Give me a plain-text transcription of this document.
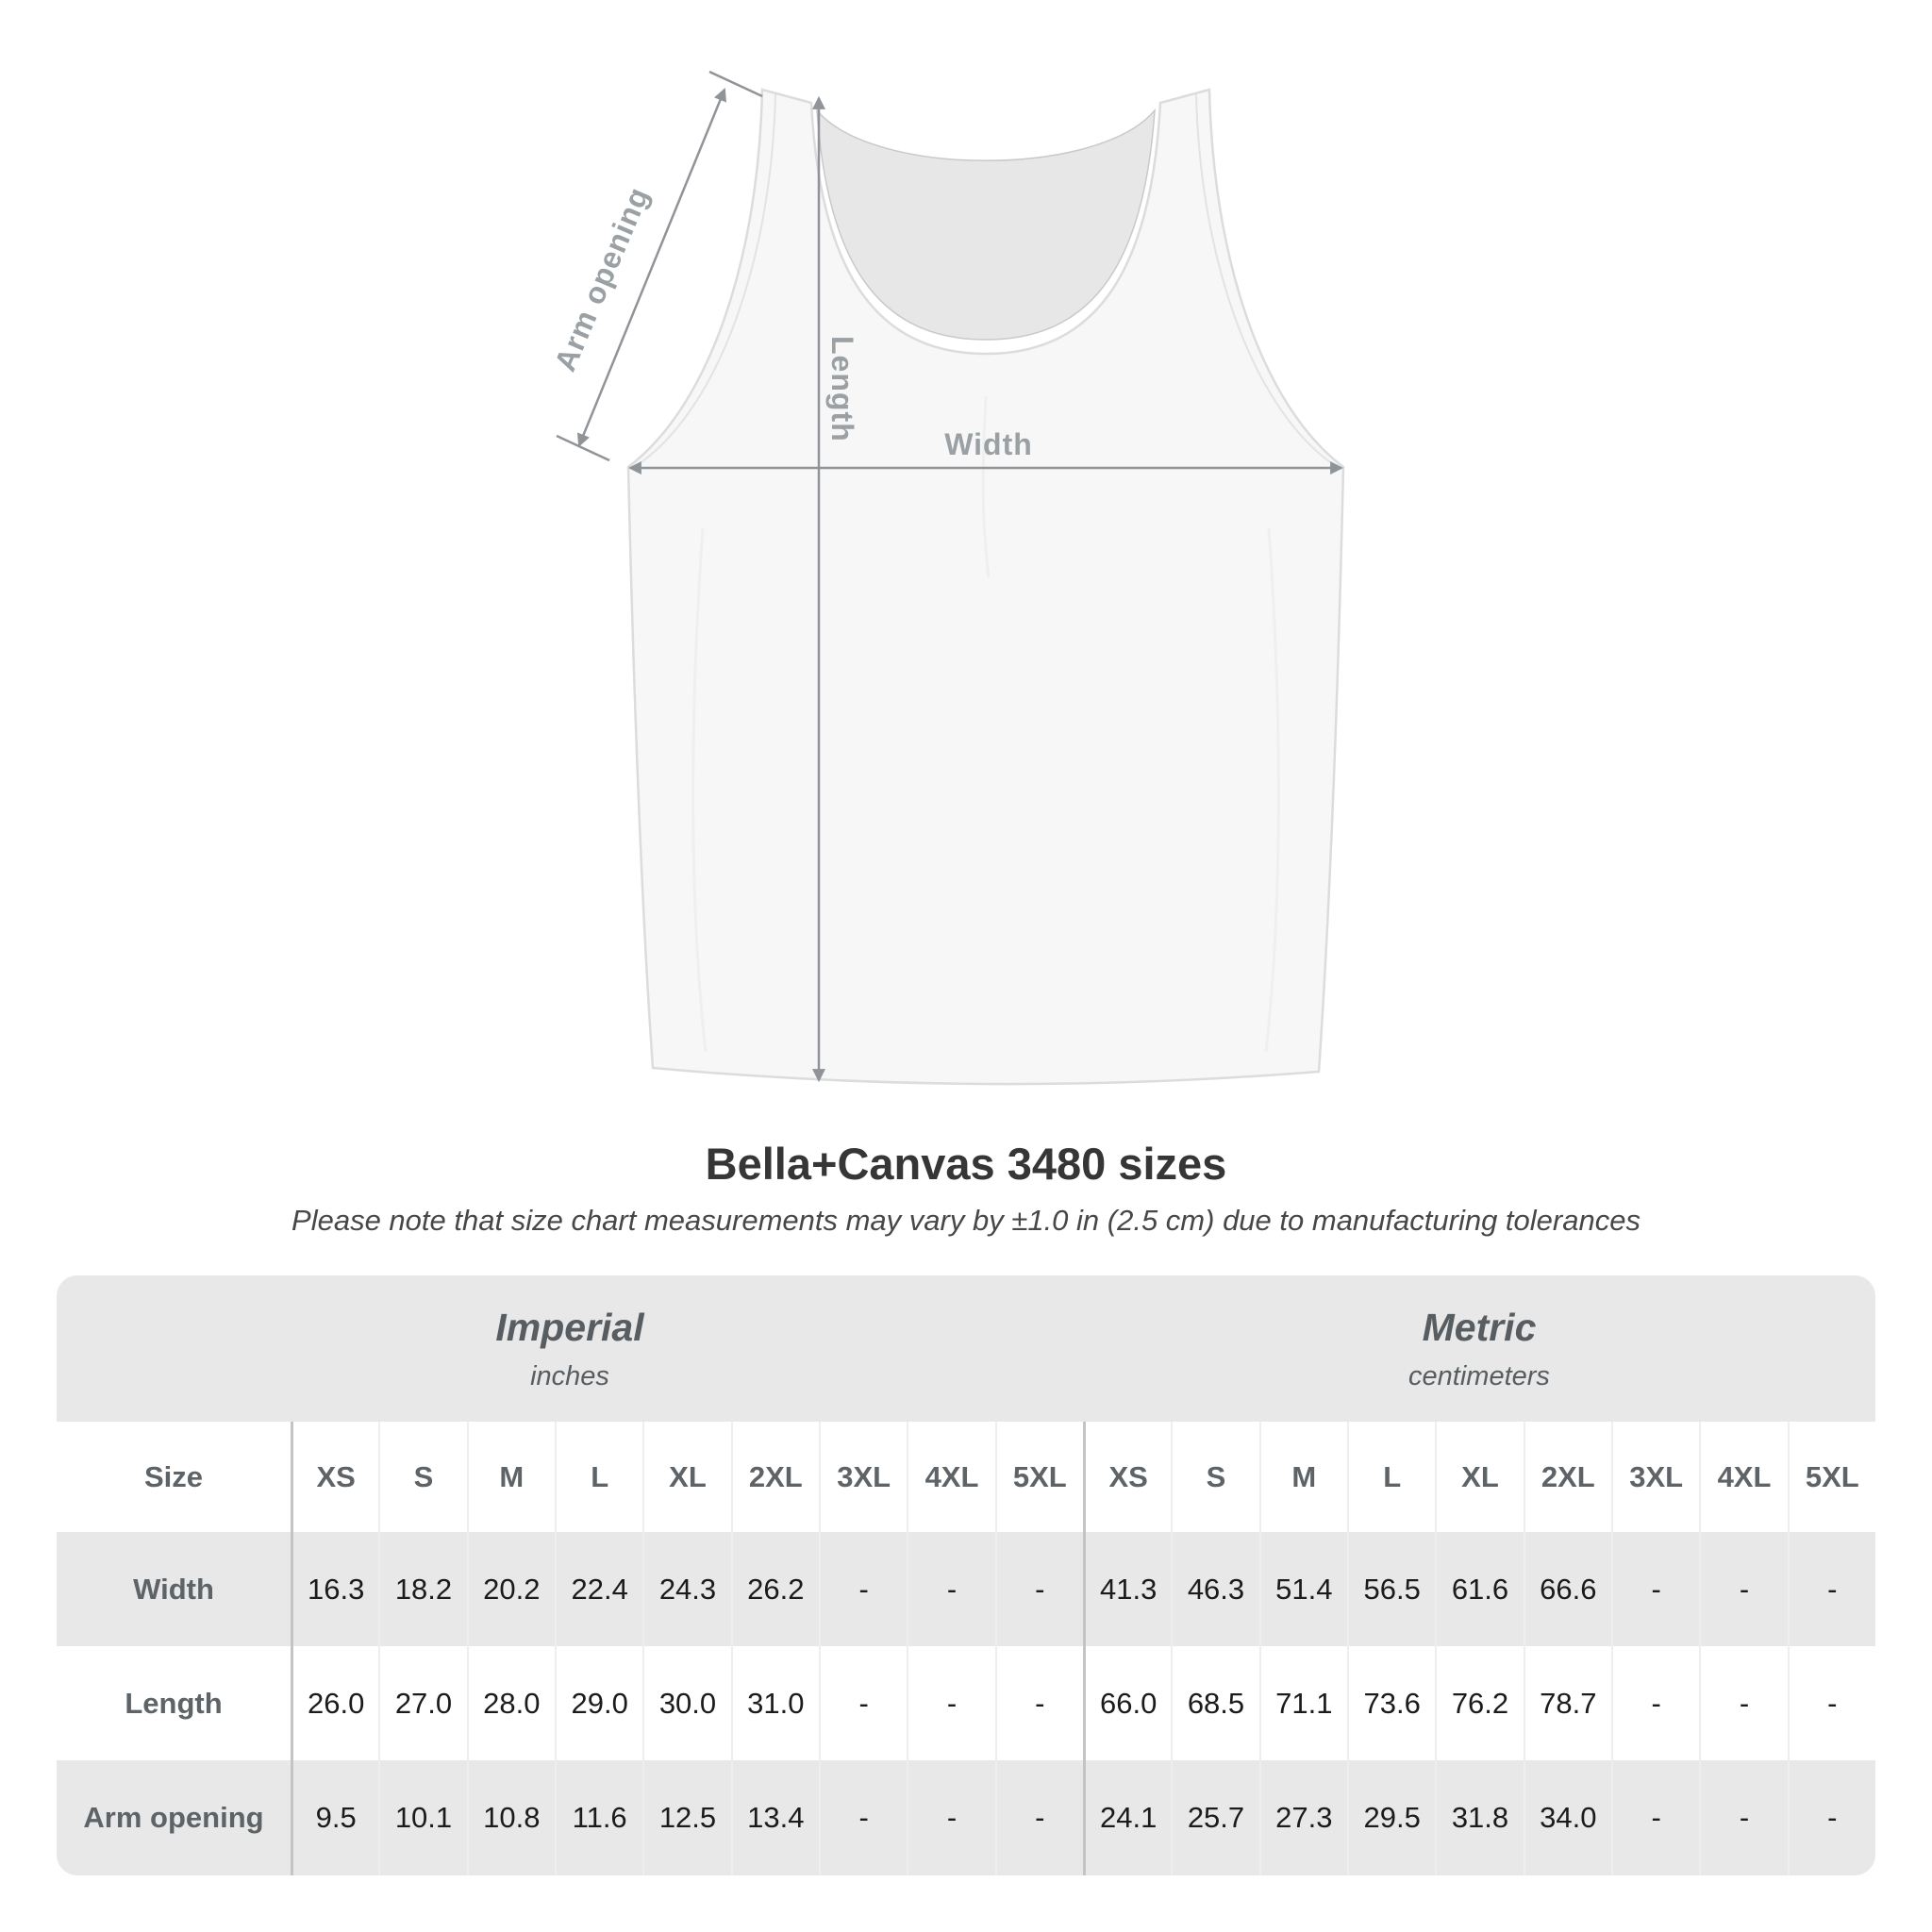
Arm opening
Length
Width
Bella+Canvas 3480 sizes
Please note that size chart measurements may vary by ±1.0 in (2.5 cm) due to manufacturing tolerances
Imperial
inches
Metric
centimeters
Size	XS	S	M	L	XL	2XL	3XL	4XL	5XL	XS	S	M	L	XL	2XL	3XL	4XL	5XL
Width	16.3	18.2	20.2	22.4	24.3	26.2	-	-	-	41.3	46.3	51.4	56.5	61.6	66.6	-	-	-
Length	26.0	27.0	28.0	29.0	30.0	31.0	-	-	-	66.0	68.5	71.1	73.6	76.2	78.7	-	-	-
Arm opening	9.5	10.1	10.8	11.6	12.5	13.4	-	-	-	24.1	25.7	27.3	29.5	31.8	34.0	-	-	-
